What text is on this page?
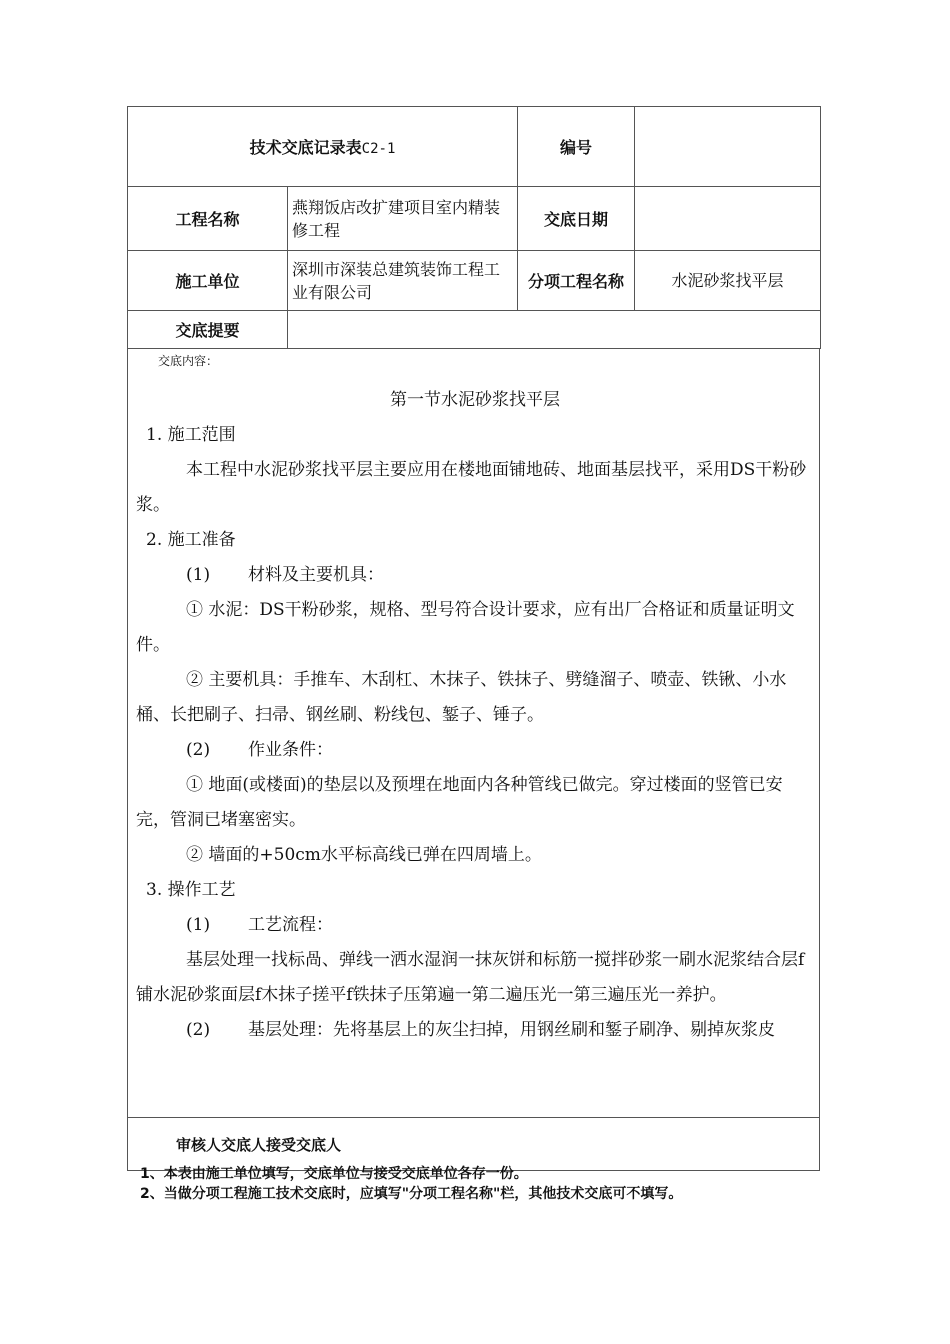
技术交底记录表C2-1		编号	
工程名称	燕翔饭店改扩建项目室内精装修工程	交底日期	
施工单位	深圳市深装总建筑装饰工程工业有限公司	分项工程名称	水泥砂浆找平层
交底提要			
交底内容：
第一节水泥砂浆找平层
1. 施工范围
本工程中水泥砂浆找平层主要应用在楼地面铺地砖、地面基层找平，采用DS干粉砂浆。
2. 施工准备
(1) 材料及主要机具：
① 水泥：DS干粉砂浆，规格、型号符合设计要求，应有出厂合格证和质量证明文件。
② 主要机具：手推车、木刮杠、木抹子、铁抹子、劈缝溜子、喷壶、铁锹、小水桶、长把刷子、扫帚、钢丝刷、粉线包、錾子、锤子。
(2) 作业条件：
① 地面(或楼面)的垫层以及预埋在地面内各种管线已做完。穿过楼面的竖管已安完，管洞已堵塞密实。
② 墙面的+50cm水平标高线已弹在四周墙上。
3. 操作工艺
(1) 工艺流程：
基层处理一找标咼、弹线一洒水湿润一抹灰饼和标筋一搅拌砂浆一刷水泥浆结合层f铺水泥砂浆面层f木抹子搓平f铁抹子压第遍一第二遍压光一第三遍压光一养护。
(2) 基层处理：先将基层上的灰尘扫掉，用钢丝刷和錾子刷净、剔掉灰浆皮
审核人交底人接受交底人
1、本表由施工单位填写，交底单位与接受交底单位各存一份。
2、当做分项工程施工技术交底时，应填写"分项工程名称"栏，其他技术交底可不填写。
